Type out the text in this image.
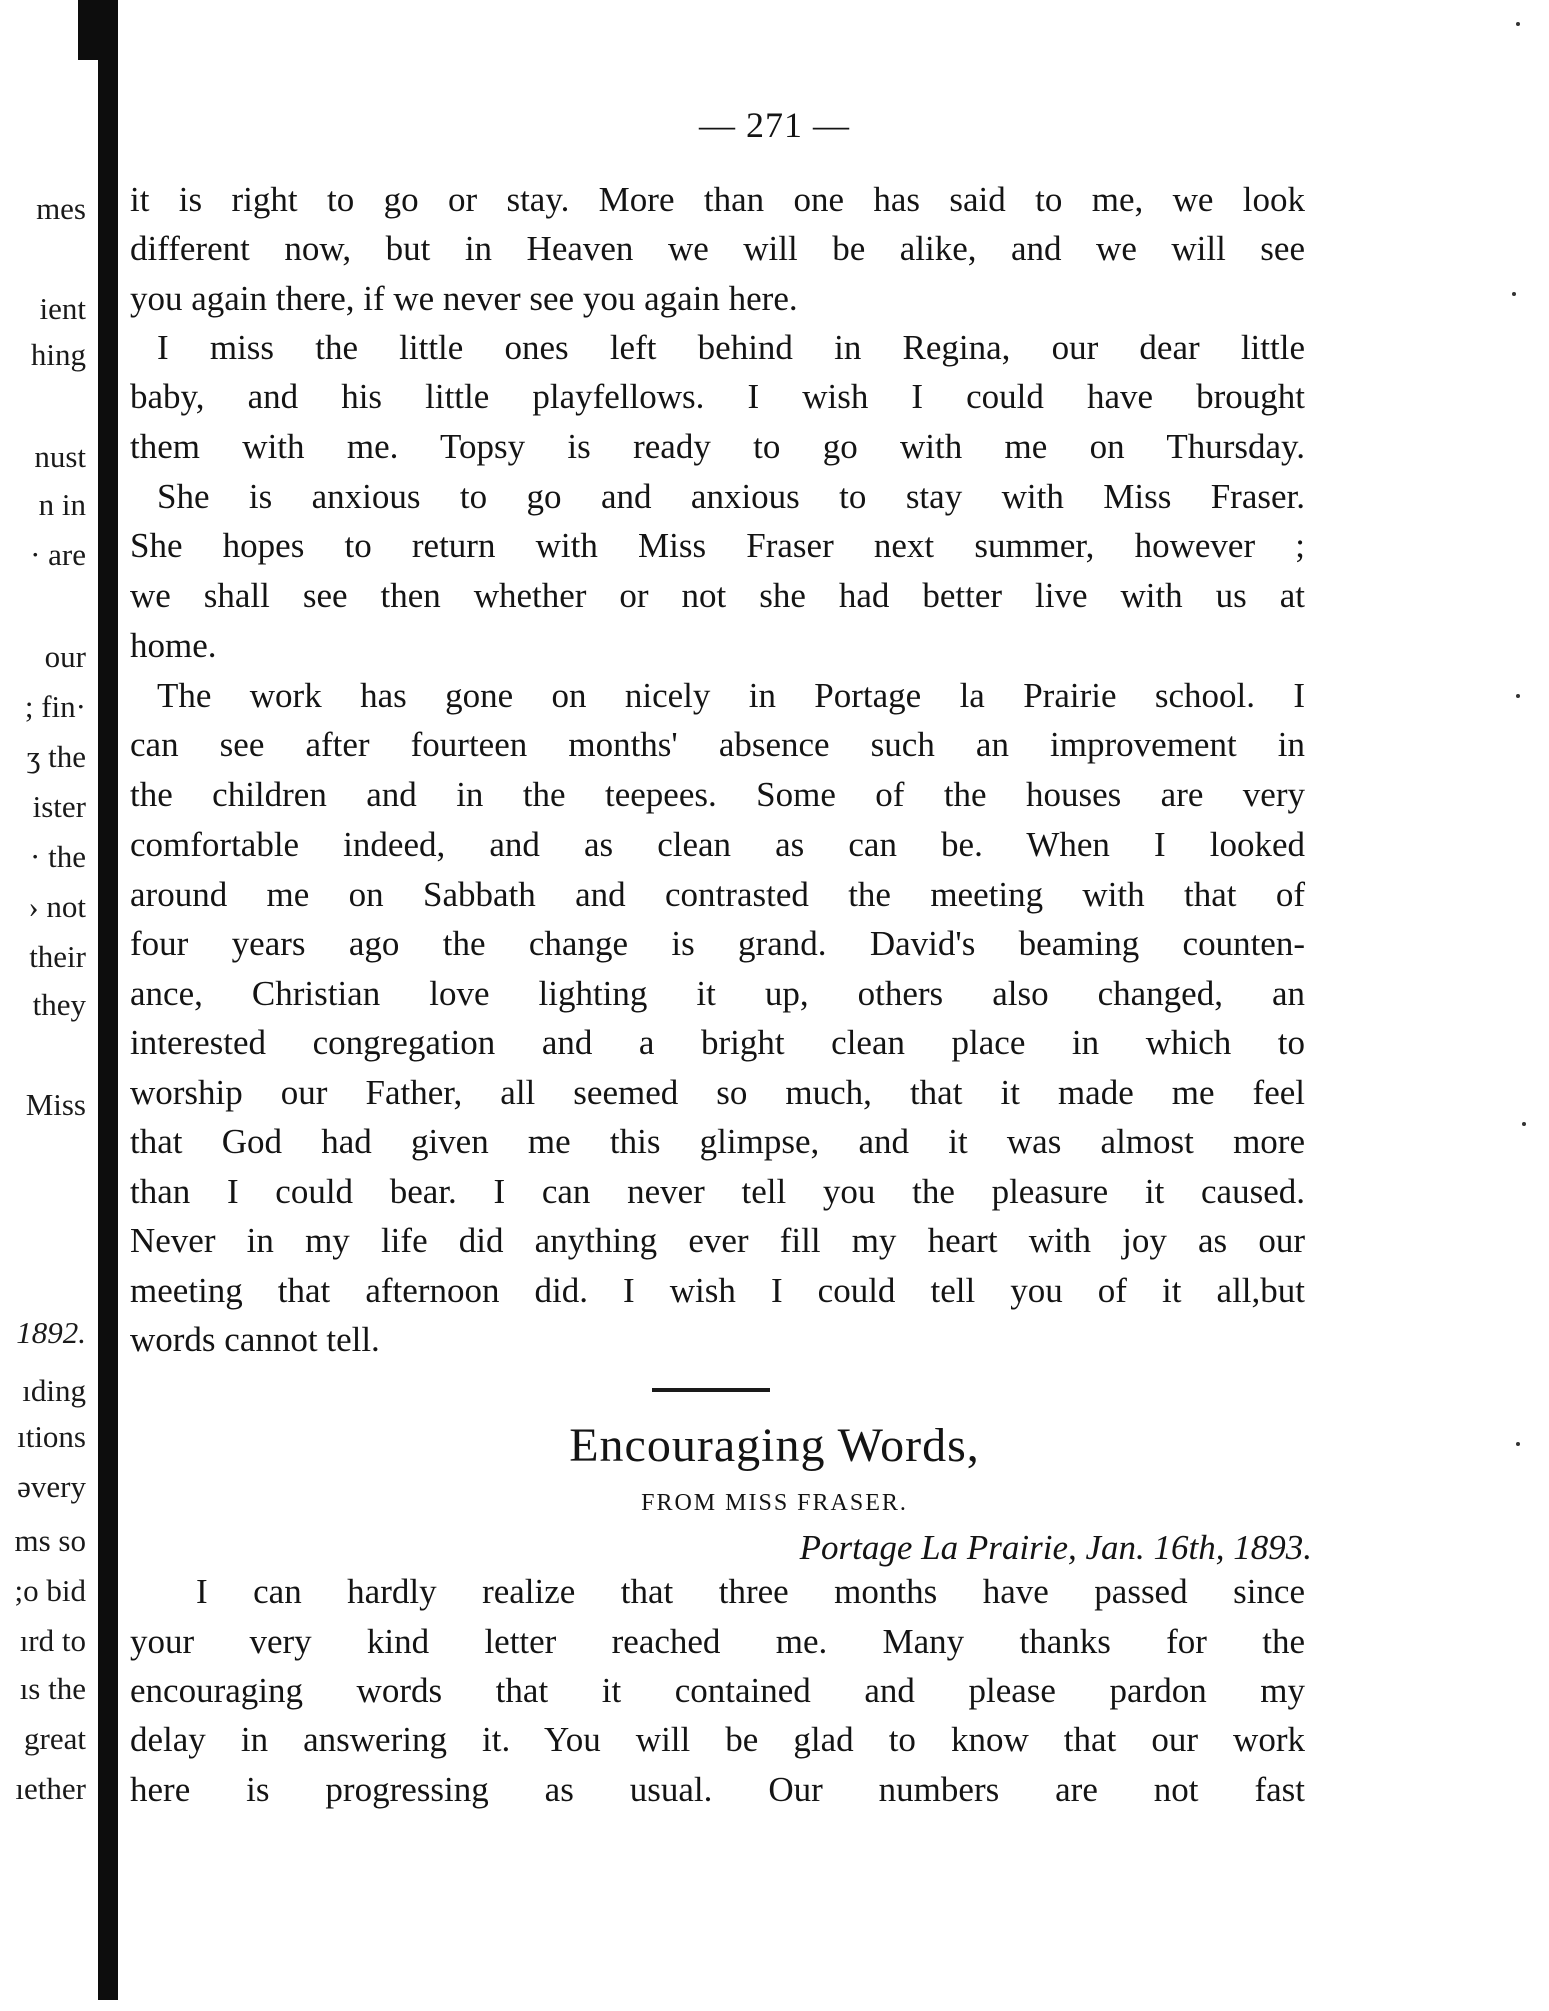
mes
ient
hing
nust
n in
· are
our
; fin·
ʒ the
ister
· the
› not
their
they
Miss
1892.
ıding
ıtions
əvery
ms so
;o bid
ırd to
ıs the
great
ıether
— 271 —
it is right to go or stay. More than one has said to me, we look
different now, but in Heaven we will be alike, and we will see
you again there, if we never see you again here.
I miss the little ones left behind in Regina, our dear little
baby, and his little playfellows. I wish I could have brought
them with me. Topsy is ready to go with me on Thursday.
She is anxious to go and anxious to stay with Miss Fraser.
She hopes to return with Miss Fraser next summer, however ;
we shall see then whether or not she had better live with us at
home.
The work has gone on nicely in Portage la Prairie school. I
can see after fourteen months' absence such an improvement in
the children and in the teepees. Some of the houses are very
comfortable indeed, and as clean as can be. When I looked
around me on Sabbath and contrasted the meeting with that of
four years ago the change is grand. David's beaming counten-
ance, Christian love lighting it up, others also changed, an
interested congregation and a bright clean place in which to
worship our Father, all seemed so much, that it made me feel
that God had given me this glimpse, and it was almost more
than I could bear. I can never tell you the pleasure it caused.
Never in my life did anything ever fill my heart with joy as our
meeting that afternoon did. I wish I could tell you of it all,but
words cannot tell.
Encouraging Words,
FROM MISS FRASER.
Portage La Prairie, Jan. 16th, 1893.
I can hardly realize that three months have passed since
your very kind letter reached me. Many thanks for the
encouraging words that it contained and please pardon my
delay in answering it. You will be glad to know that our work
here is progressing as usual. Our numbers are not fast
